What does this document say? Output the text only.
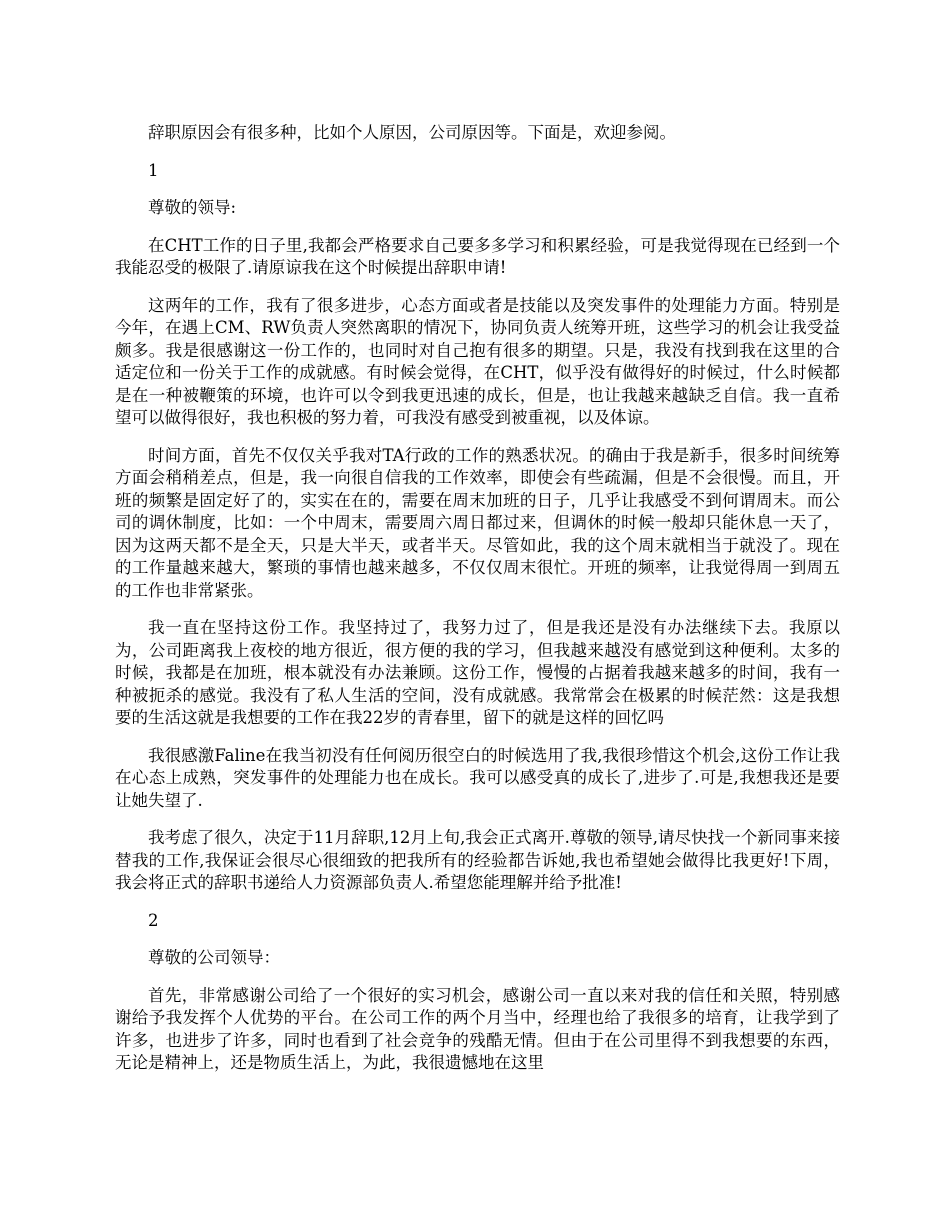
辞职原因会有很多种，比如个人原因，公司原因等。下面是，欢迎参阅。

1

尊敬的领导:

在CHT工作的日子里,我都会严格要求自己要多多学习和积累经验，可是我觉得现在已经到一个我能忍受的极限了.请原谅我在这个时候提出辞职申请!

这两年的工作，我有了很多进步，心态方面或者是技能以及突发事件的处理能力方面。特别是今年，在遇上CM、RW负责人突然离职的情况下，协同负责人统筹开班，这些学习的机会让我受益颇多。我是很感谢这一份工作的，也同时对自己抱有很多的期望。只是，我没有找到我在这里的合适定位和一份关于工作的成就感。有时候会觉得，在CHT，似乎没有做得好的时候过，什么时候都是在一种被鞭策的环境，也许可以令到我更迅速的成长，但是，也让我越来越缺乏自信。我一直希望可以做得很好，我也积极的努力着，可我没有感受到被重视，以及体谅。

时间方面，首先不仅仅关乎我对TA行政的工作的熟悉状况。的确由于我是新手，很多时间统筹方面会稍稍差点，但是，我一向很自信我的工作效率，即使会有些疏漏，但是不会很慢。而且，开班的频繁是固定好了的，实实在在的，需要在周末加班的日子，几乎让我感受不到何谓周末。而公司的调休制度，比如：一个中周末，需要周六周日都过来，但调休的时候一般却只能休息一天了，因为这两天都不是全天，只是大半天，或者半天。尽管如此，我的这个周末就相当于就没了。现在的工作量越来越大，繁琐的事情也越来越多，不仅仅周末很忙。开班的频率，让我觉得周一到周五的工作也非常紧张。

我一直在坚持这份工作。我坚持过了，我努力过了，但是我还是没有办法继续下去。我原以为，公司距离我上夜校的地方很近，很方便的我的学习，但我越来越没有感觉到这种便利。太多的时候，我都是在加班，根本就没有办法兼顾。这份工作，慢慢的占据着我越来越多的时间，我有一种被扼杀的感觉。我没有了私人生活的空间，没有成就感。我常常会在极累的时候茫然：这是我想要的生活这就是我想要的工作在我22岁的青春里，留下的就是这样的回忆吗

我很感激Faline在我当初没有任何阅历很空白的时候选用了我,我很珍惜这个机会,这份工作让我在心态上成熟，突发事件的处理能力也在成长。我可以感受真的成长了,进步了.可是,我想我还是要让她失望了.

我考虑了很久，决定于11月辞职,12月上旬,我会正式离开.尊敬的领导,请尽快找一个新同事来接替我的工作,我保证会很尽心很细致的把我所有的经验都告诉她,我也希望她会做得比我更好!下周，我会将正式的辞职书递给人力资源部负责人.希望您能理解并给予批准!

2

尊敬的公司领导：

首先，非常感谢公司给了一个很好的实习机会，感谢公司一直以来对我的信任和关照，特别感谢给予我发挥个人优势的平台。在公司工作的两个月当中，经理也给了我很多的培育，让我学到了许多，也进步了许多，同时也看到了社会竞争的残酷无情。但由于在公司里得不到我想要的东西，无论是精神上，还是物质生活上，为此，我很遗憾地在这里
